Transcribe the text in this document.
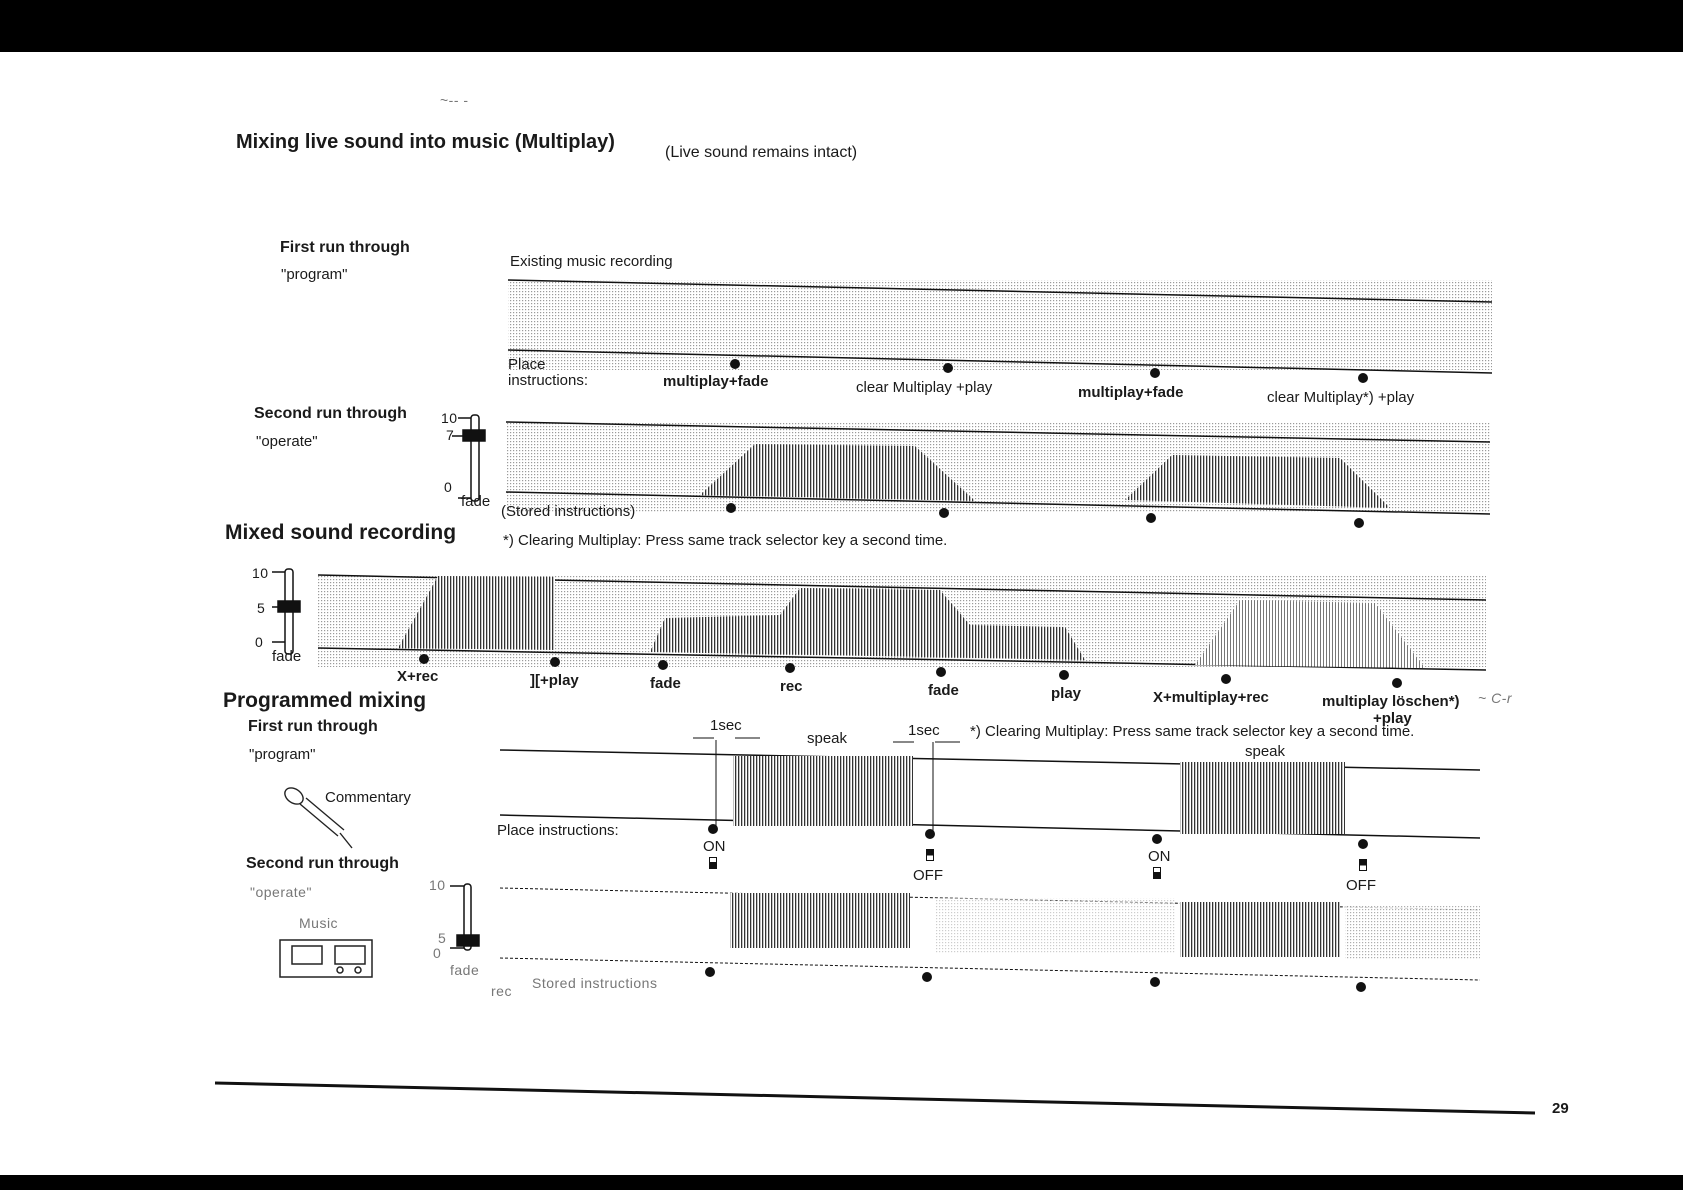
~-- -
Mixing live sound into music (Multiplay)	(Live sound remains intact)
First run through
"program"
Existing music recording
Place
instructions:	multiplay+fade	clear Multiplay +play	multiplay+fade	clear Multiplay*) +play
Second run through
"operate"
10
7
0
fade
(Stored instructions)
*) Clearing Multiplay: Press same track selector key a second time.
Mixed sound recording
10
5
0
fade
X+rec	][+play	fade	rec	fade	play	X+multiplay+rec	multiplay löschen*)
+play
~ C-r
Programmed mixing
First run through
"program"
Commentary
1sec
speak	1sec
speak
*) Clearing Multiplay: Press same track selector key a second time.
Place instructions:
ON
OFF
ON
OFF
Second run through
"operate"
Music
10
5
0
fade
rec Stored instructions
29
